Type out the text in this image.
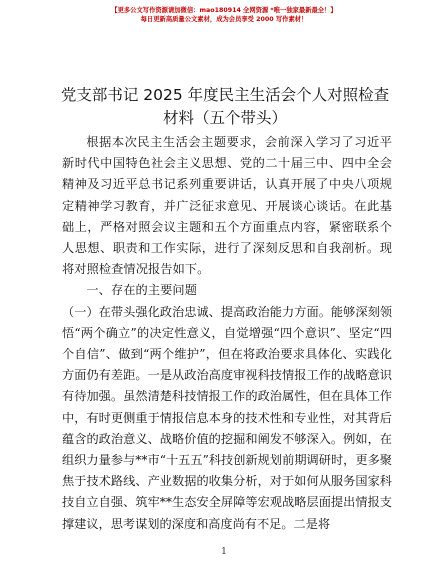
【更多公文写作资源请加微信：mao180914 全网资源 *唯一独家最新最全！】
每日更新高质量公文素材，成为会员享受 2000 写作素材！
党支部书记 2025 年度民主生活会个人对照检查材料（五个带头）

根据本次民主生活会主题要求，会前深入学习了习近平新时代中国特色社会主义思想、党的二十届三中、四中全会精神及习近平总书记系列重要讲话，认真开展了中央八项规定精神学习教育，并广泛征求意见、开展谈心谈话。在此基础上，严格对照会议主题和五个方面重点内容，紧密联系个人思想、职责和工作实际，进行了深刻反思和自我剖析。现将对照检查情况报告如下。

一、存在的主要问题

（一）在带头强化政治忠诚、提高政治能力方面。能够深刻领悟“两个确立”的决定性意义，自觉增强“四个意识”、坚定“四个自信”、做到“两个维护”，但在将政治要求具体化、实践化方面仍有差距。一是从政治高度审视科技情报工作的战略意识有待加强。虽然清楚科技情报工作的政治属性，但在具体工作中，有时更侧重于情报信息本身的技术性和专业性，对其背后蕴含的政治意义、战略价值的挖掘和阐发不够深入。例如，在组织力量参与**市“十五五”科技创新规划前期调研时，更多聚焦于技术路线、产业数据的收集分析，对于如何从服务国家科技自立自强、筑牢**生态安全屏障等宏观战略层面提出情报支撑建议，思考谋划的深度和高度尚有不足。二是将

1
